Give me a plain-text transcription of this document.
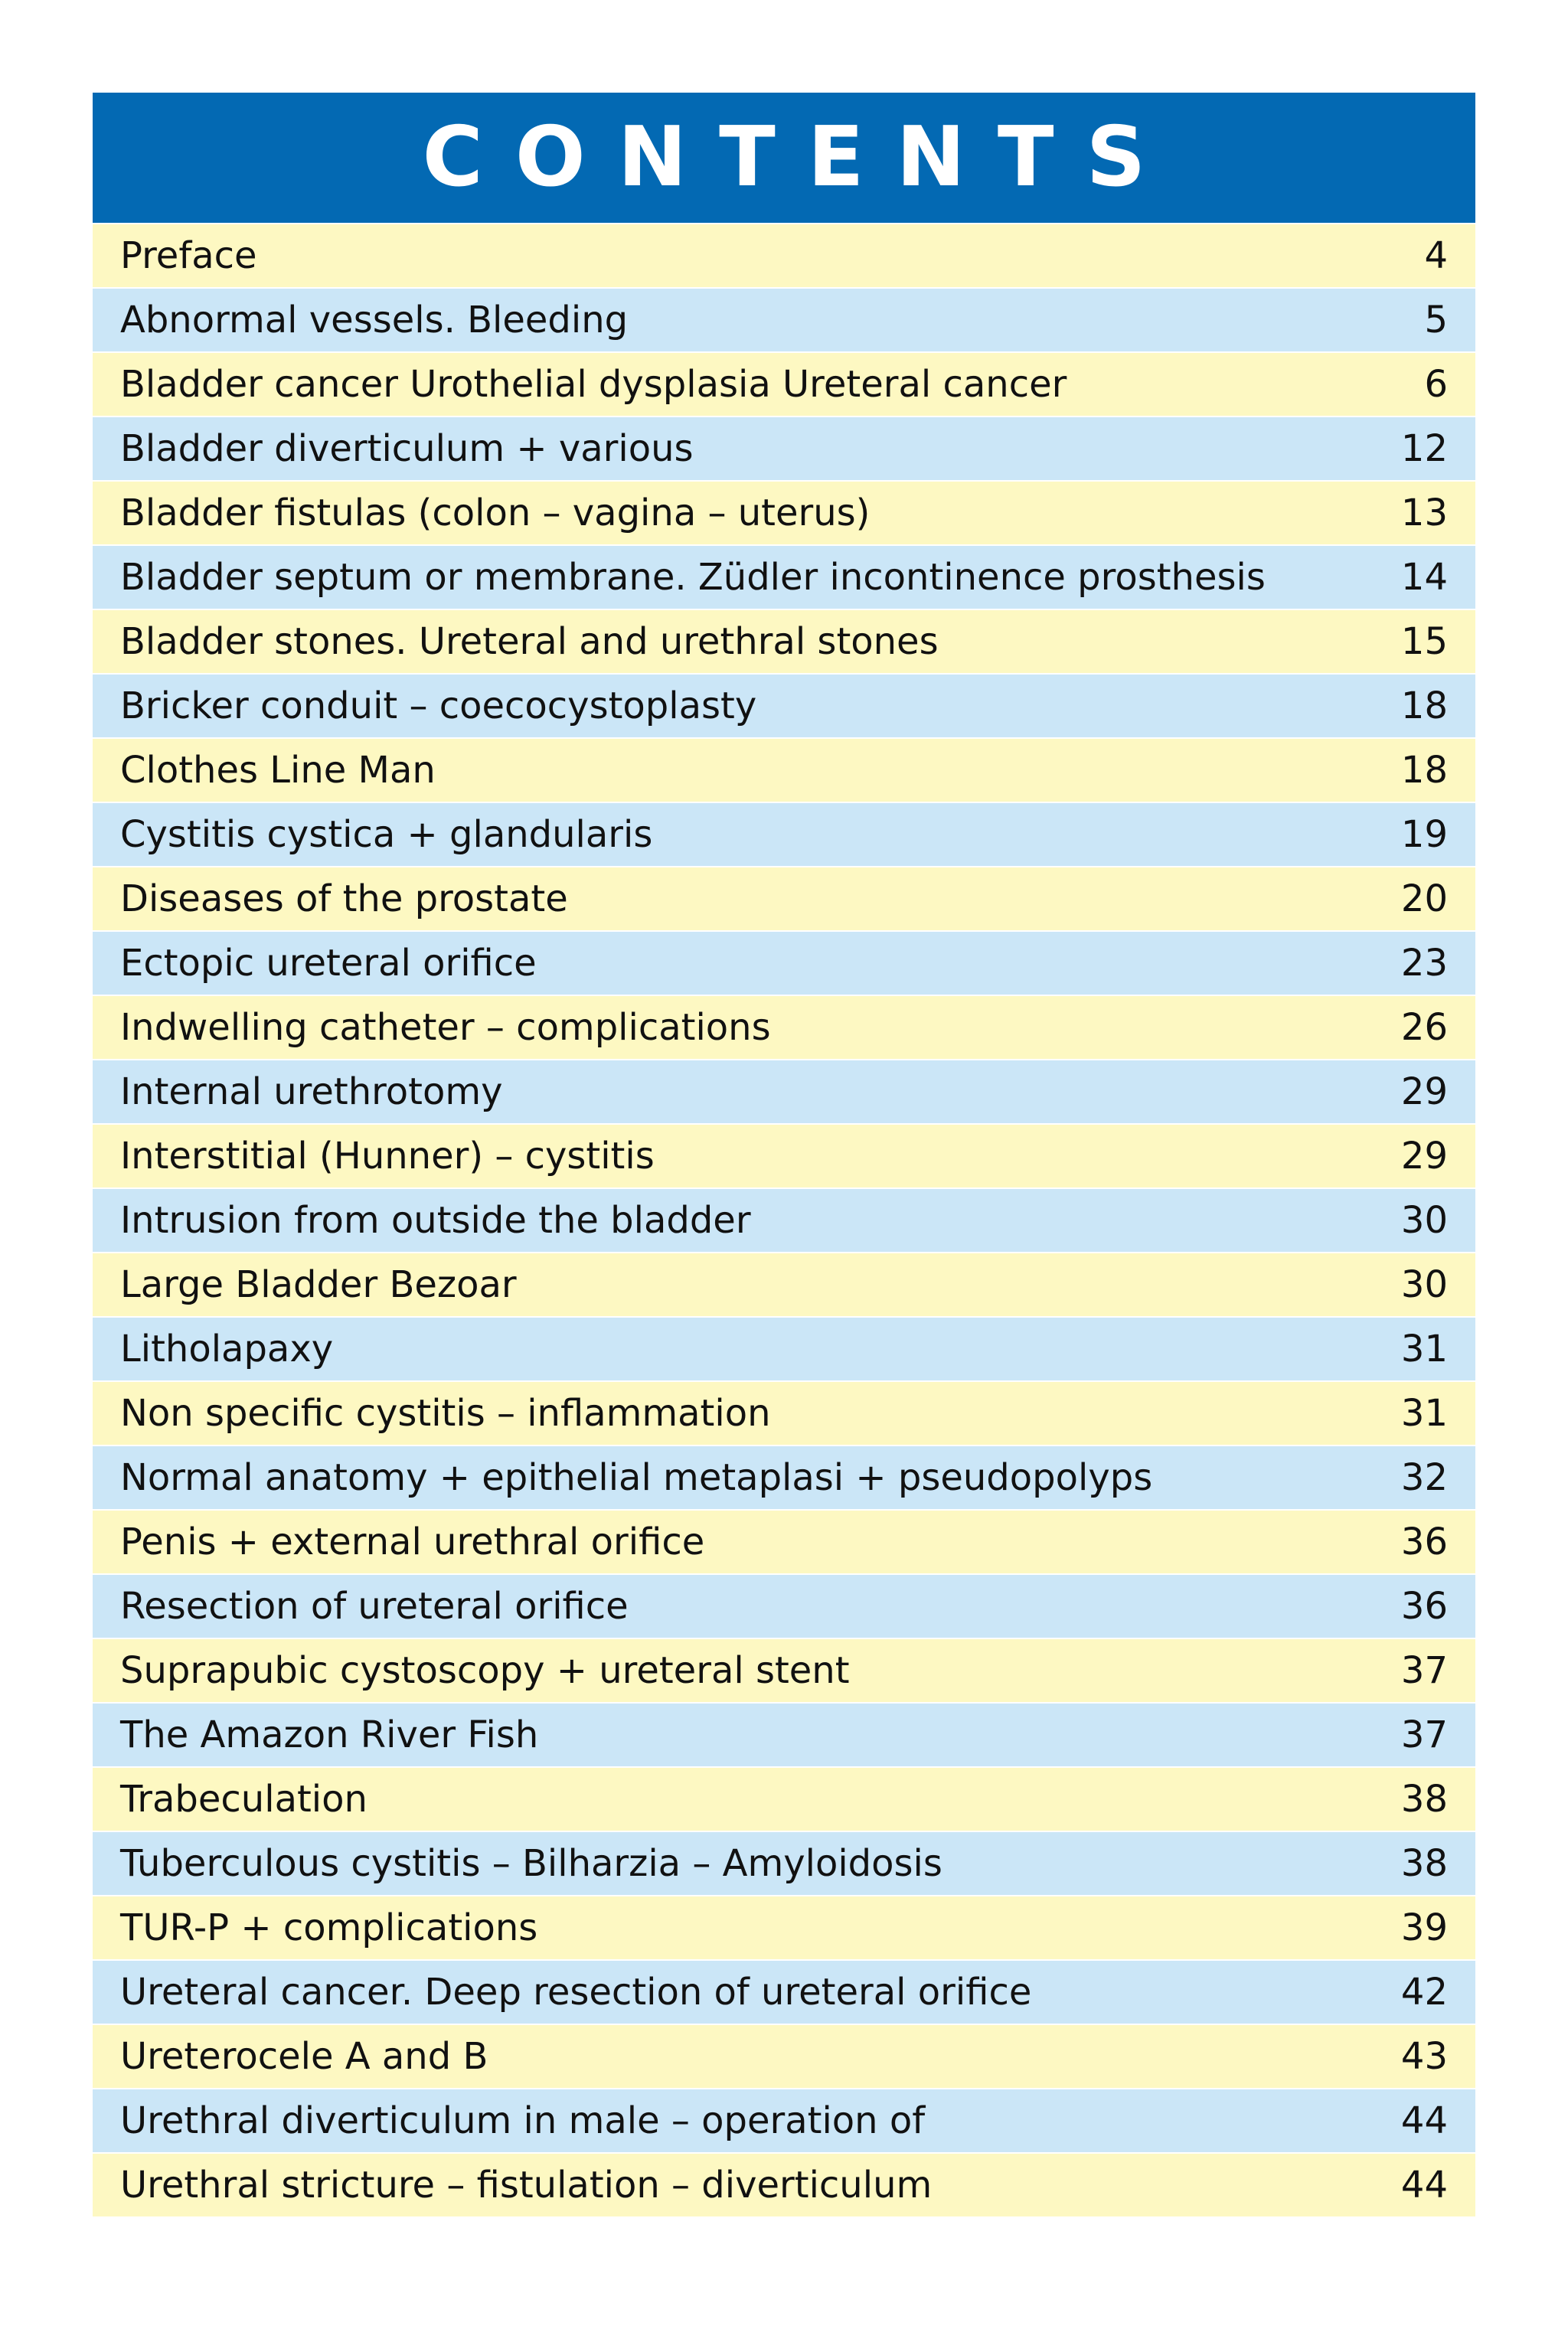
CONTENTS
Preface	4
Abnormal vessels. Bleeding	5
Bladder cancer Urothelial dysplasia Ureteral cancer	6
Bladder diverticulum + various	12
Bladder fistulas (colon – vagina – uterus)	13
Bladder septum or membrane. Züdler incontinence prosthesis	14
Bladder stones. Ureteral and urethral stones	15
Bricker conduit – coecocystoplasty	18
Clothes Line Man	18
Cystitis cystica + glandularis	19
Diseases of the prostate	20
Ectopic ureteral orifice	23
Indwelling catheter – complications	26
Internal urethrotomy	29
Interstitial (Hunner) – cystitis	29
Intrusion from outside the bladder	30
Large Bladder Bezoar	30
Litholapaxy	31
Non specific cystitis – inflammation	31
Normal anatomy + epithelial metaplasi + pseudopolyps	32
Penis + external urethral orifice	36
Resection of ureteral orifice	36
Suprapubic cystoscopy + ureteral stent	37
The Amazon River Fish	37
Trabeculation	38
Tuberculous cystitis – Bilharzia – Amyloidosis	38
TUR-P + complications	39
Ureteral cancer. Deep resection of ureteral orifice	42
Ureterocele A and B	43
Urethral diverticulum in male – operation of	44
Urethral stricture – fistulation – diverticulum	44
